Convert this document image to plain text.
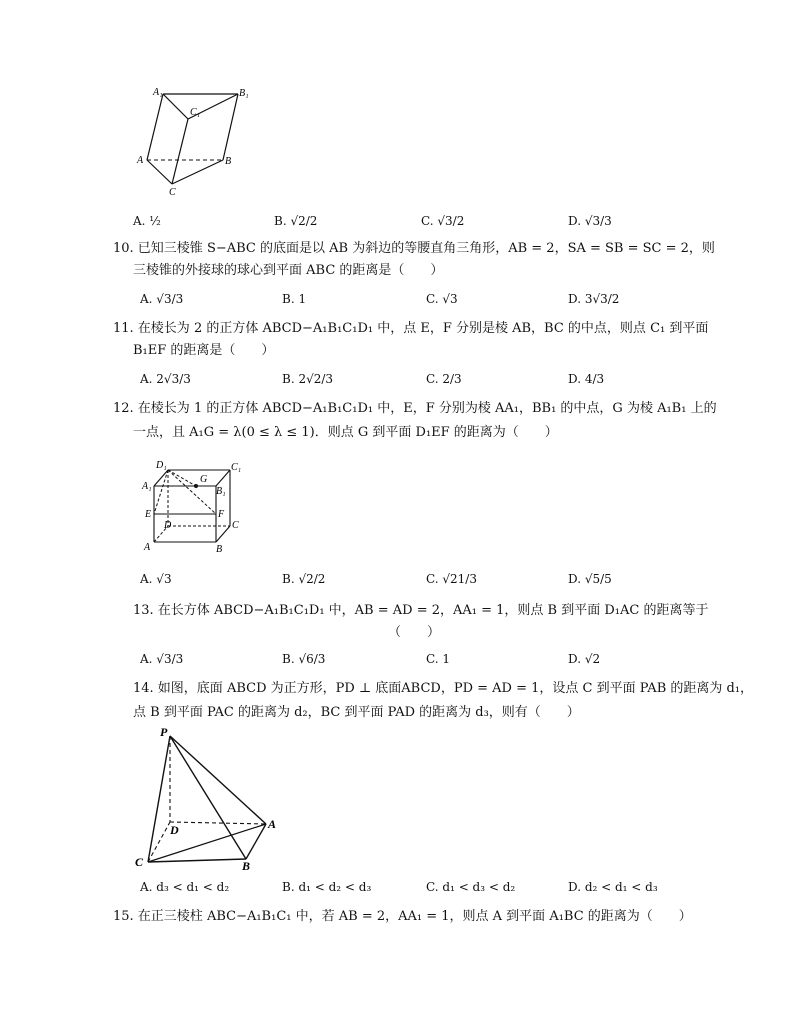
A₁	B₁
C₁
A	B
C
A. ½	B. √2/2	C. √3/2	D. √3/3
10. 已知三棱锥 S−ABC 的底面是以 AB 为斜边的等腰直角三角形，AB = 2，SA = SB = SC = 2，则
三棱锥的外接球的球心到平面 ABC 的距离是（　　）
A. √3/3	B. 1	C. √3	D. 3√3/2
11. 在棱长为 2 的正方体 ABCD−A₁B₁C₁D₁ 中，点 E，F 分别是棱 AB，BC 的中点，则点 C₁ 到平面
B₁EF 的距离是（　　）
A. 2√3/3	B. 2√2/3	C. 2/3	D. 4/3
12. 在棱长为 1 的正方体 ABCD−A₁B₁C₁D₁ 中，E，F 分别为棱 AA₁，BB₁ 的中点，G 为棱 A₁B₁ 上的
一点，且 A₁G = λ(0 ≤ λ ≤ 1)．则点 G 到平面 D₁EF 的距离为（　　）
D₁	C₁
A₁
G
B₁
E	F
D	C
A	B
A. √3	B. √2/2	C. √21/3	D. √5/5
13. 在长方体 ABCD−A₁B₁C₁D₁ 中，AB = AD = 2，AA₁ = 1，则点 B 到平面 D₁AC 的距离等于
（　　）
A. √3/3	B. √6/3	C. 1	D. √2
14. 如图，底面 ABCD 为正方形，PD ⊥ 底面ABCD，PD = AD = 1，设点 C 到平面 PAB 的距离为 d₁，
点 B 到平面 PAC 的距离为 d₂，BC 到平面 PAD 的距离为 d₃，则有（　　）
P
D	A
C	B
A. d₃ < d₁ < d₂	B. d₁ < d₂ < d₃	C. d₁ < d₃ < d₂	D. d₂ < d₁ < d₃
15. 在正三棱柱 ABC−A₁B₁C₁ 中，若 AB = 2，AA₁ = 1，则点 A 到平面 A₁BC 的距离为（　　）
